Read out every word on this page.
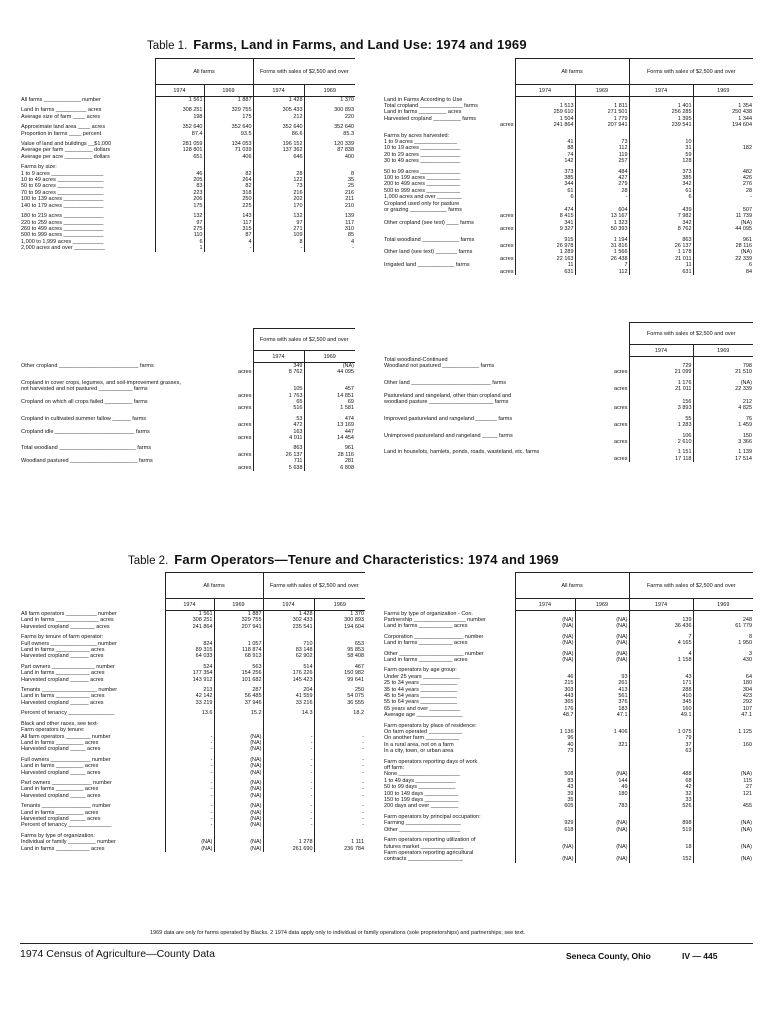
Table 1. Farms, Land in Farms, and Land Use: 1974 and 1969
	All farms		Forms with sales of $2,500 and over	
	1974	1969	1974	1969
All farms ____________ number	1 561	1 887	1 428	1 370

Land in farms __________ acres	308 251	329 755	305 433	300 893
Average size of farm ____ acres	198	175	212	220

Approximate land area ____ acres	352 640	352 640	352 640	352 640
Proportion in farms ____ percent	87.4	93.5	86.6	85.3

Value of land and buildings __$1,000	281 059	134 053	196 152	120 339
Average per farm _________ dollars	128 801	71 039	137 362	87 838
Average per acre _________ dollars	651	406	646	400

Farms by size:				
1 to 9 acres _________________	46	82	28	8
10 to 49 acres _______________	205	264	122	35
50 to 69 acres _______________	83	82	73	25
70 to 99 acres _______________	223	318	216	216
100 to 139 acres _____________	206	250	202	211
140 to 179 acres _____________	175	225	170	210

180 to 219 acres _____________	132	143	132	139
220 to 259 acres _____________	97	117	97	117
260 to 499 acres _____________	275	315	271	310
500 to 999 acres _____________	110	87	109	85
1,000 to 1,999 acres __________	6	4	8	4
2,000 acres and over __________	1	-	-	-
	All farms		Forms with sales of $2,500 and over	
	1974	1969	1974	1969
Land in Farms According to Use				
Total cropland ______________ farms	1 513	1 811	1 401	1 354
Land in farms _________ acres	259 610	271 501	256 285	250 438
Harvested cropland _________ farms	1 504	1 779	1 395	1 344
acres	241 864	207 941	239 541	194 604

Farms by acres harvested:				
1 to 9 acres ______________	41	73	10	
10 to 19 acres _____________	88	112	31	182
20 to 29 acres _____________	74	119	59	
30 to 49 acres _____________	142	257	128	

50 to 99 acres _____________	373	484	373	482
100 to 199 acres ___________	385	427	385	426
200 to 499 acres ___________	344	279	342	276
500 to 999 acres ___________	61	28	61	28
1,000 acres and over ________	6	-	6	-
Cropland used only for pasture				
or grazing ____________ farms	474	604	439	507
acres	8 415	13 167	7 982	11 739
Other cropland (see text) ____ farms	341	1 323	342	(NA)
acres	9 327	50 393	8 762	44 095

Total woodland ____________ farms	915	1 194	863	961
acres	26 978	31 816	26 137	28 116
Other land (see text) _______ farms	1 289	1 566	1 178	(NA)
acres	22 163	26 438	21 011	22 339
Irrigated land ____________ farms	11	7	11	6
acres	631	112	631	84
	Forms with sales of $2,500 and over	
	1974	1969
Other cropland __________________________ farms	349	(NA)
acres	8 762	44 095

Cropland in cover crops, legumes, and soil-improvement grasses,		
not harvested and not pastured ___________ farms	105	457
acres	1 763	14 851
Cropland on which all crops failed _________ farms	65	69
acres	516	1 581

Cropland in cultivated summer fallow ______ farms	53	474
acres	472	13 169
Cropland idle __________________________ farms	163	447
acres	4 011	14 454

Total woodland _________________________ farms	863	961
acres	26 137	28 116
Woodland pastured ______________________ farms	711	281
acres	5 638	6 808
	Forms with sales of $2,500 and over	
	1974	1969
Total woodland-Continued		
Woodland not pastured ____________ farms	729	798
acres	21 099	21 510

Other land __________________________ farms	1 176	(NA)
acres	21 011	22 339
Pastureland and rangeland, other than cropland and		
woodland pasture _____________________ farms	156	212
acres	3 893	4 825

Improved pastureland and rangeland _______ farms	55	76
acres	1 283	1 459

Unimproved pastureland and rangeland _____ farms	106	150
acres	2 610	3 366

Land in houselots, hamlets, ponds, roads, wasteland, etc. farms	1 151	1 139
acres	17 118	17 514
Table 2. Farm Operators—Tenure and Characteristics: 1974 and 1969
	All farms		Farms with sales of $2,500 and over	
	1974	1969	1974	1969
All farm operators __________ number	1 561	1 887	1 428	1 370
Land in farms ______________ acres	308 251	329 755	302 433	300 893
Harvested cropland ________ acres	241 864	207 941	235 541	194 604

Farms by tenure of farm operator:				
Full owners _______________ number	824	1 057	710	653
Land in farms ___________ acres	89 315	118 874	83 148	95 853
Harvested cropland ______ acres	64 033	68 913	62 902	58 408

Part owners ______________ number	524	563	514	467
Land in farms ___________ acres	177 354	154 256	176 226	150 982
Harvested cropland ______ acres	143 912	101 682	145 423	99 641

Tenants __________________ number	213	287	204	250
Land in farms ___________ acres	42 142	56 485	41 559	54 075
Harvested cropland ______ acres	33 219	37 946	33 216	36 555

Percent of tenancy _______________	13.6	15.2	14.3	18.2

Black and other races, see text-				
Farm operators by tenure:				
All farm operators ________ number	-	(NA)	-	-
Land in farms _________ acres	-	(NA)	-	-
Harvested cropland _____ acres	-	(NA)	-	-

Full owners _____________ number	-	(NA)	-	-
Land in farms _________ acres	-	(NA)	-	-
Harvested cropland _____ acres	-	(NA)	-	-

Part owners _____________ number	-	(NA)	-	-
Land in farms _________ acres	-	(NA)	-	-
Harvested cropland _____ acres	-	(NA)	-	-

Tenants ________________ number	-	(NA)	-	-
Land in farms _________ acres	-	(NA)	-	-
Harvested cropland _____ acres	-	(NA)	-	-
Percent of tenancy ______________	-	(NA)	-	-

Farms by type of organization:				
Individual or family _________ number	(NA)	(NA)	1 278	1 111
Land in farms ___________ acres	(NA)	(NA)	261 690	236 784
	All farms		Farms with sales of $2,500 and over	
	1974	1969	1974	1969
Farms by type of organization - Con.				
Partnership _________________ number	(NA)	(NA)	139	248
Land in farms ___________ acres	(NA)	(NA)	36 436	61 779

Corporation ________________ number	(NA)	(NA)	7	8
Land in farms ___________ acres	(NA)	(NA)	4 165	1 950

Other _____________________ number	(NA)	(NA)	4	3
Land in farms ___________ acres	(NA)	(NA)	1 158	430

Farm operators by age group:				
Under 25 years ____________	46	93	43	64
25 to 34 years ____________	215	261	171	180
35 to 44 years ____________	303	413	288	304
45 to 54 years ____________	443	561	410	423
55 to 64 years ____________	365	376	345	292
65 years and over __________	176	183	160	107
Average age _______________	48.7	47.1	49.1	47.1

Farm operators by place of residence:				
On farm operated ___________	1 136	1 406	1 075	1 125
On another farm ___________	96		79	
In a rural area, not on a farm	40	321	37	160
In a city, town, or urban area	73		63	

Farm operators reporting days of work				
off farm:				
None ____________________	508	(NA)	488	(NA)
1 to 49 days _____________	83	144	68	115
50 to 99 days ____________	43	49	42	27
100 to 149 days ___________	39	180	32	121
150 to 199 days ___________	35		33	
200 days and over _________	605	783	526	455

Farm operators by principal occupation:				
Farming __________________	929	(NA)	898	(NA)
Other ____________________	618	(NA)	519	(NA)

Farm operators reporting utilization of				
futures market ______________	(NA)	(NA)	18	(NA)
Farm operators reporting agricultural				
contracts __________________	(NA)	(NA)	152	(NA)
1969 data are only for farms operated by Blacks. 2 1974 data apply only to individual or family operations (sole proprietorships) and partnerships; see text.
1974 Census of Agriculture—County Data	Seneca County, Ohio	IV — 445
